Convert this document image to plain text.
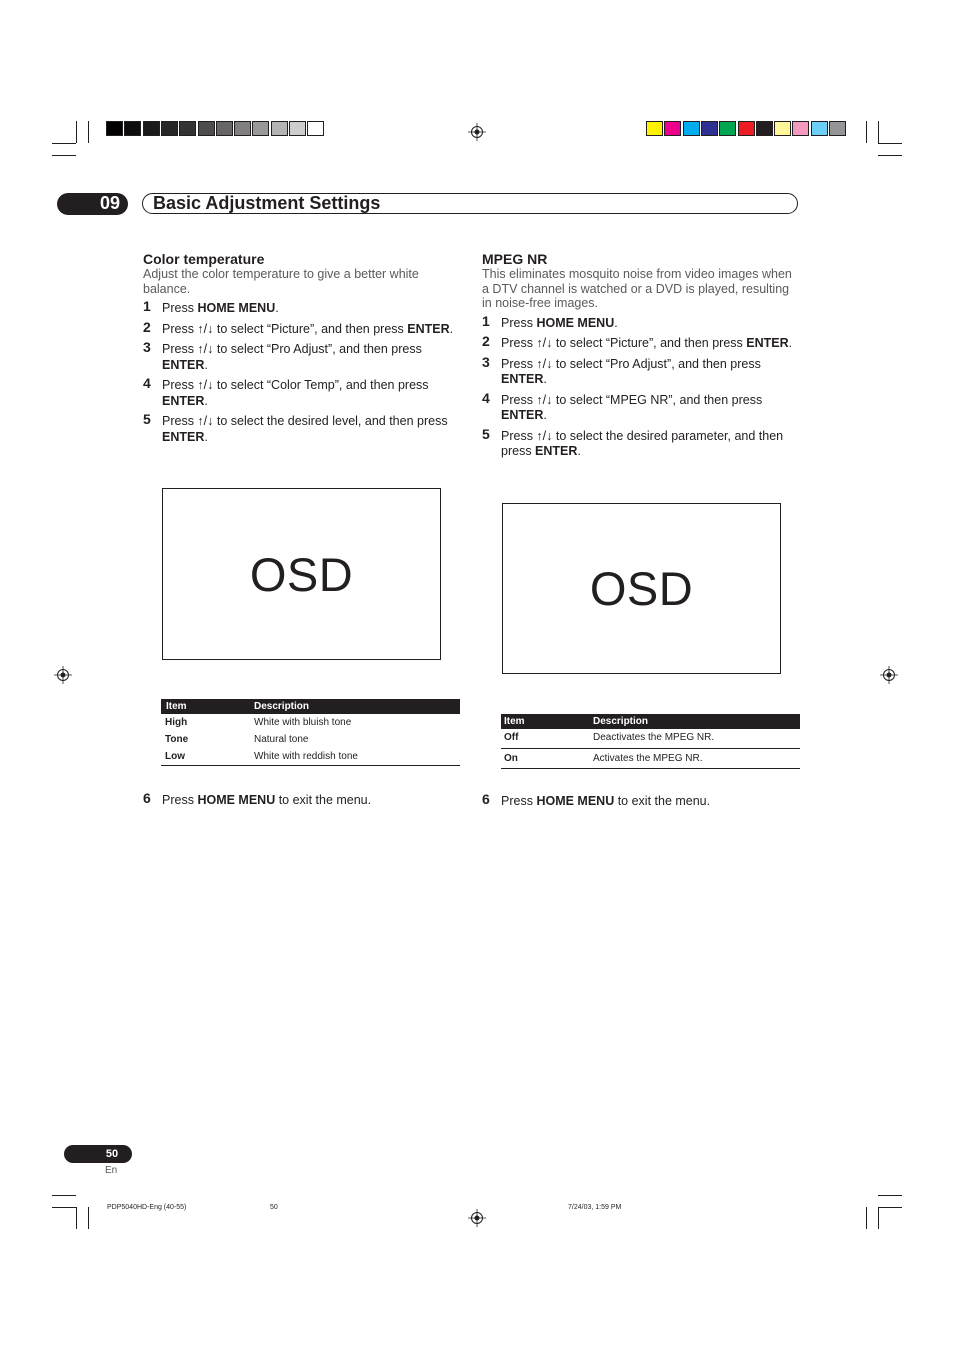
09	Basic Adjustment Settings
Color temperature

Adjust the color temperature to give a better white balance.

1 Press HOME MENU.
2 Press ↑/↓ to select “Picture”, and then press ENTER.
3 Press ↑/↓ to select “Pro Adjust”, and then press ENTER.
4 Press ↑/↓ to select “Color Temp”, and then press ENTER.
5 Press ↑/↓ to select the desired level, and then press ENTER.
OSD
Item	Description
High	White with bluish tone
Tone	Natural tone
Low	White with reddish tone
6 Press HOME MENU to exit the menu.
MPEG NR

This eliminates mosquito noise from video images when a DTV channel is watched or a DVD is played, resulting in noise-free images.

1 Press HOME MENU.
2 Press ↑/↓ to select “Picture”, and then press ENTER.
3 Press ↑/↓ to select “Pro Adjust”, and then press ENTER.
4 Press ↑/↓ to select “MPEG NR”, and then press ENTER.
5 Press ↑/↓ to select the desired parameter, and then press ENTER.
OSD
Item	Description
Off	Deactivates the MPEG NR.
On	Activates the MPEG NR.
6 Press HOME MENU to exit the menu.
50
En
PDP5040HD-Eng (40-55)	50	7/24/03, 1:59 PM
